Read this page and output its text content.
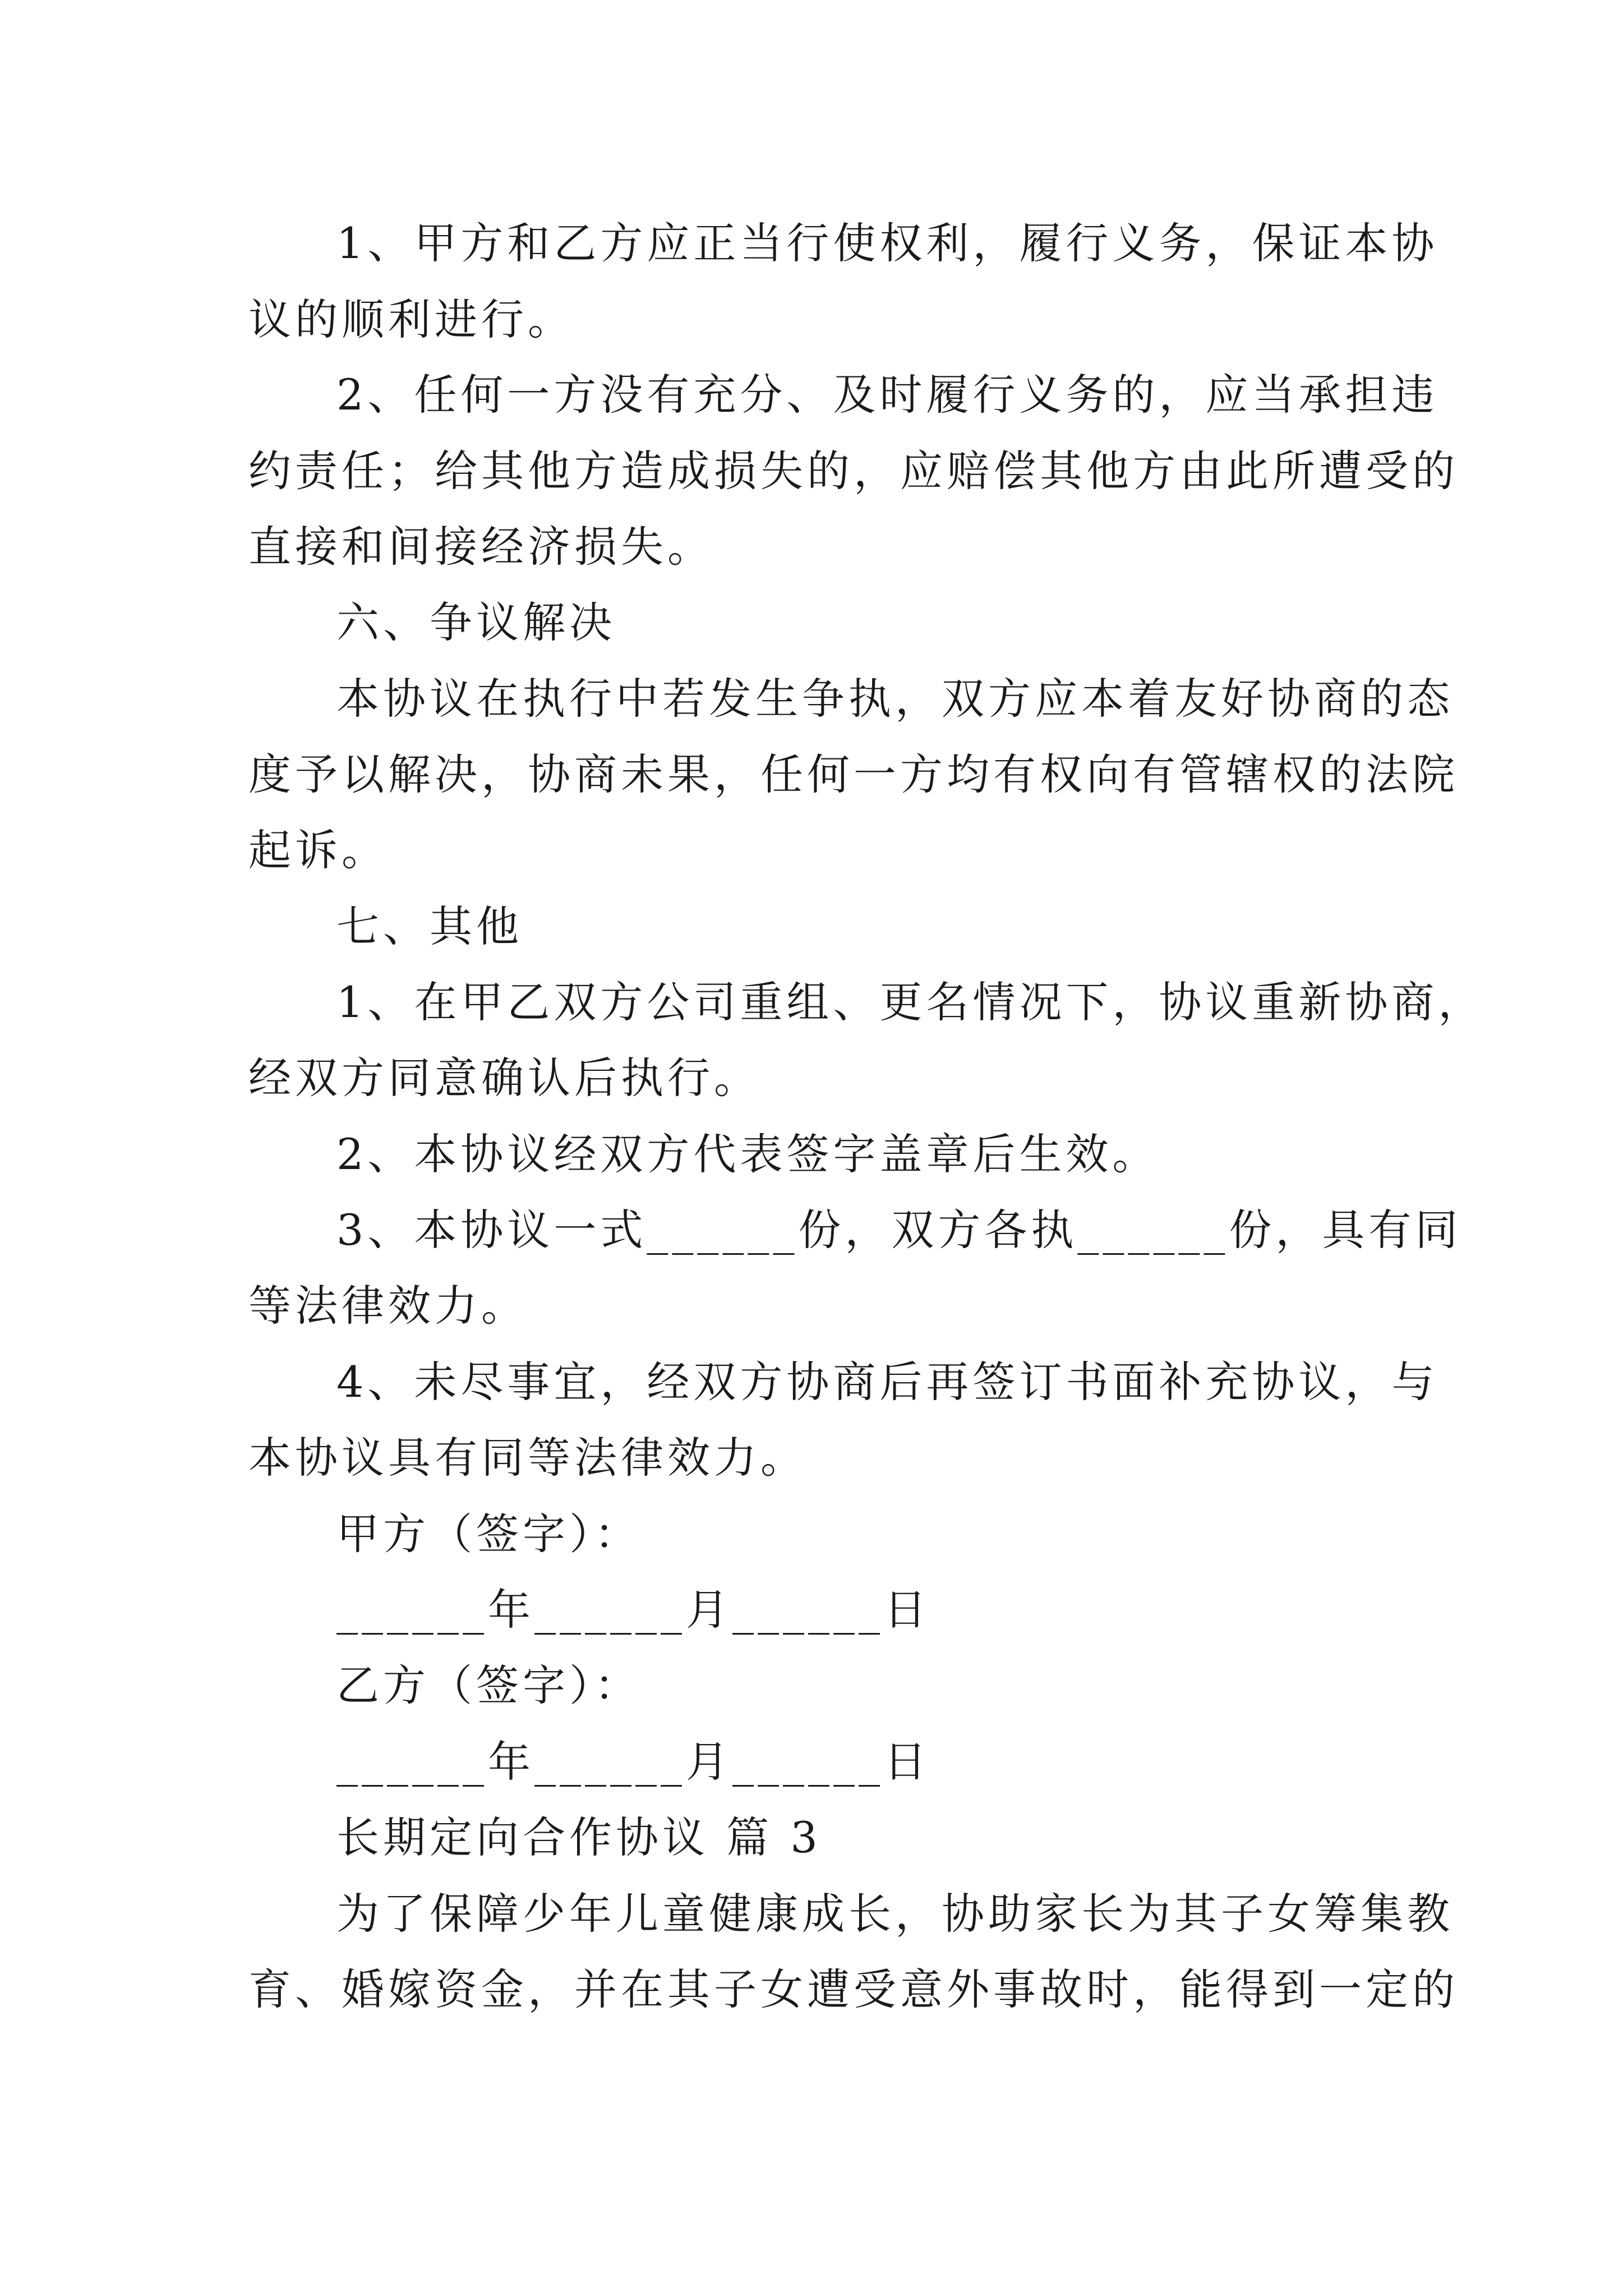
1、甲方和乙方应正当行使权利，履行义务，保证本协
议的顺利进行。
2、任何一方没有充分、及时履行义务的，应当承担违
约责任；给其他方造成损失的，应赔偿其他方由此所遭受的
直接和间接经济损失。
六、争议解决
本协议在执行中若发生争执，双方应本着友好协商的态
度予以解决，协商未果，任何一方均有权向有管辖权的法院
起诉。
七、其他
1、在甲乙双方公司重组、更名情况下，协议重新协商，
经双方同意确认后执行。
2、本协议经双方代表签字盖章后生效。
3、本协议一式______份，双方各执______份，具有同
等法律效力。
4、未尽事宜，经双方协商后再签订书面补充协议，与
本协议具有同等法律效力。
甲方（签字）：
______年______月______日
乙方（签字）：
______年______月______日
长期定向合作协议 篇 3
为了保障少年儿童健康成长，协助家长为其子女筹集教
育、婚嫁资金，并在其子女遭受意外事故时，能得到一定的
